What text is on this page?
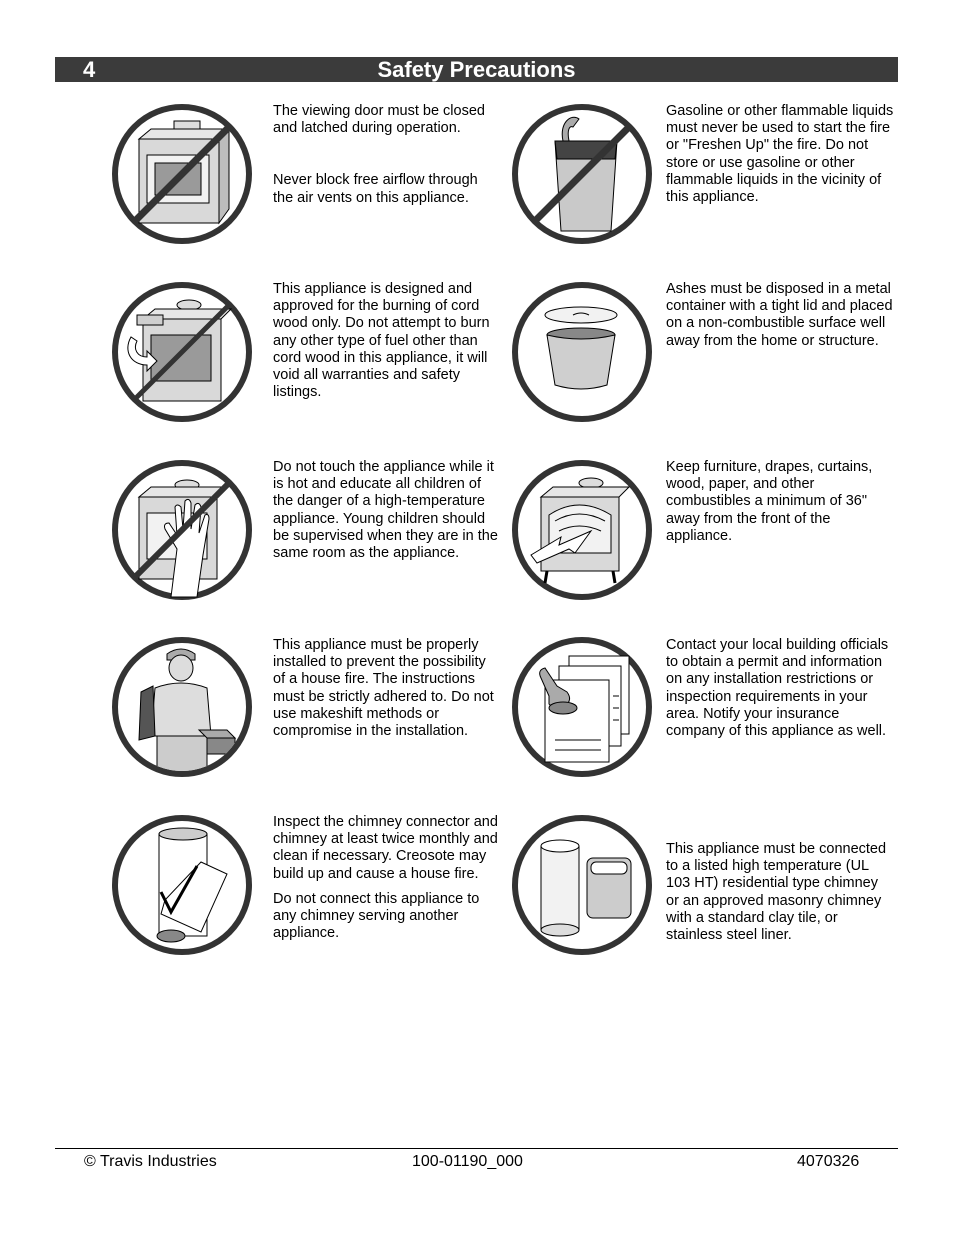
4	Safety Precautions

The viewing door must be closed and latched during operation.

Never block free airflow through the air vents on this appliance.

Gasoline or other flammable liquids must never be used to start the fire or "Freshen Up" the fire. Do not store or use gasoline or other flammable liquids in the vicinity of this appliance.

This appliance is designed and approved for the burning of cord wood only. Do not attempt to burn any other type of fuel other than cord wood in this appliance, it will void all warranties and safety listings.

Ashes must be disposed in a metal container with a tight lid and placed on a non-combustible surface well away from the home or structure.

Do not touch the appliance while it is hot and educate all children of the danger of a high-temperature appliance. Young children should be supervised when they are in the same room as the appliance.

Keep furniture, drapes, curtains, wood, paper, and other combustibles a minimum of 36" away from the front of the appliance.

This appliance must be properly installed to prevent the possibility of a house fire. The instructions must be strictly adhered to. Do not use makeshift methods or compromise in the installation.

Contact your local building officials to obtain a permit and information on any installation restrictions or inspection requirements in your area. Notify your insurance company of this appliance as well.

Inspect the chimney connector and chimney at least twice monthly and clean if necessary. Creosote may build up and cause a house fire.

Do not connect this appliance to any chimney serving another appliance.

This appliance must be connected to a listed high temperature (UL 103 HT) residential type chimney or an approved masonry chimney with a standard clay tile, or stainless steel liner.

© Travis Industries	100-01190_000	4070326
